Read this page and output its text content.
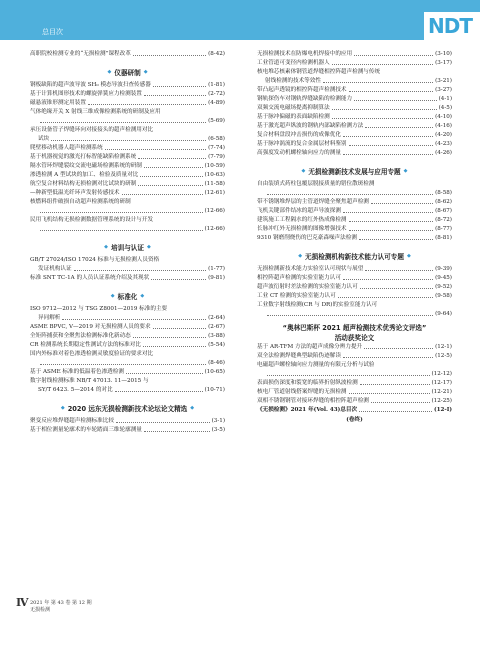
总目次	NDT
高职院校检测专业的“无损检测”课程改革	(8-42)
◆ 仪器研制 ◆
钢板缺陷的超声波导波 SH₀ 模态导波扫查传感器	(1-81)
基于计算机图形技术的螺旋弹簧应力检测装置	(2-72)
磁悬液锥形测定用装置	(4-89)
气体绝缘开关 X 射线三维成像检测系统的研制及应用
(5-69)
承压设备管子焊缝环向对接接头的超声检测用对比
试块	(6-58)
爬壁移动机器人超声检测系统	(7-74)
基于机器视觉的激光打标智能缺陷检测系统	(7-79)
隔水管环焊缝裂纹交流电磁场检测系统的研制	(10-59)
渗透检测 A 型试块的加工、检验及质量对比	(10-63)
航空复合材料结构无损检测对比试块的研制	(11-58)
—种新型低温光纤环声发射传感技术	(12-61)
核燃料组件破损自动超声检测系统的研制
(12-66)
民用飞机结构无损检测数据管理系统的设计与开发
(12-66)
◆ 培训与认证 ◆
GB/T 27024/ISO 17024 标准与无损检测人员资格
发证机构认证	(1-77)
标准 SNT TC-1A 的人员认证系统介绍及其现状	(9-81)
◆ 标准化 ◆
ISO 9712—2012 与 TSG Z8001—2019 标准的主要
异同解析	(2-64)
ASME BPVC, V—2019 对无损检测人员的要求	(2-67)
全矩阵捕获和全聚焦法检测标准化新动态	(3-88)
CR 检测系统长期稳定性测试方法的标准对比	(5-54)
国内外标准对着色渗透检测灵敏度验证的要求对比
(8-46)
基于 ASME 标准的低温着色渗透检测	(10-65)
数字射线检测标准 NB/T 47013. 11—2015 与
SY/T 6423. 5—2014 的对比	(10-71)
◆ 2020 远东无损检测新技术论坛论文精选 ◆
聚变反应堆焊缝超声检测标准比较	(3-1)
基于相位测量轮廓术的车轮踏面三维轮廓测量	(3-5)
无损检测技术在防爆电机焊接中的应用	(3-10)
工业管道可变径内检测机器人	(3-17)
核电堆芯核素体钢管道焊缝相控阵超声检测与传统
射线检测的技术等效性	(3-21)
带凸起声透镜的相控阵超声检测技术	(3-27)
钢轨探伤车对钢轨焊缝缺陷的检测能力	(4-1)
双频交流电磁场提离抑制算法	(4-5)
基于脉冲偏磁的表面缺陷检测	(4-10)
基于激光超声纵波的钢轨内部缺陷检测方法	(4-16)
复合材料盘段冲击损伤的成像优化	(4-20)
基于脉冲涡流的复合金属层材料鉴别	(4-23)
高强度发动机螺栓轴向应力的测量	(4-26)
◆ 无损检测新技术发展与应用专题 ◆
自由装填式药柱包覆层脱接质量的错位散斑检测
(8-58)
带不锈钢堆焊层的主管道焊缝全聚焦超声检测	(8-62)
飞机关键部件结冰的超声导波探测	(8-67)
建筑施工工程隔水的红外热成像检测	(8-72)
长脉冲红外无损检测的图像增强技术	(8-77)
9310 钢磨削烧伤的巴克豪森噪声法检测	(8-81)
◆ 无损检测机构新技术能力认可专题 ◆
无损检测新技术能力实验室认可现状与展望	(9-39)
相控阵超声检测的实验室能力认可	(9-45)
超声波衍射时差法检测的实验室能力认可	(9-52)
工业 CT 检测的实验室能力认可	(9-58)
工业数字射线检测(CR 与 DR)的实验室能力认可
(9-64)
“奥林巴斯杯 2021 超声检测技术优秀论文评选”
活动获奖论文
基于 AR-TFM 方法的超声成像分辨力提升	(12-1)
双全法检测焊缝典型缺陷伪迹解读	(12-5)
电磁超声螺栓轴向应力测量的有限元分析与试验
(12-12)
表面损伤深度和裂宽的临界折射纵波检测	(12-17)
核电厂管道射线搭案焊缝的无损检测	(12-21)
双相不锈钢钢管对接环焊缝的相控阵超声检测	(12-25)
《无损检测》2021 年(Vol. 43)总目次	(12-I)
(卷终)
Ⅳ 2021 年 第 43 卷 第 12 期
无损检测
